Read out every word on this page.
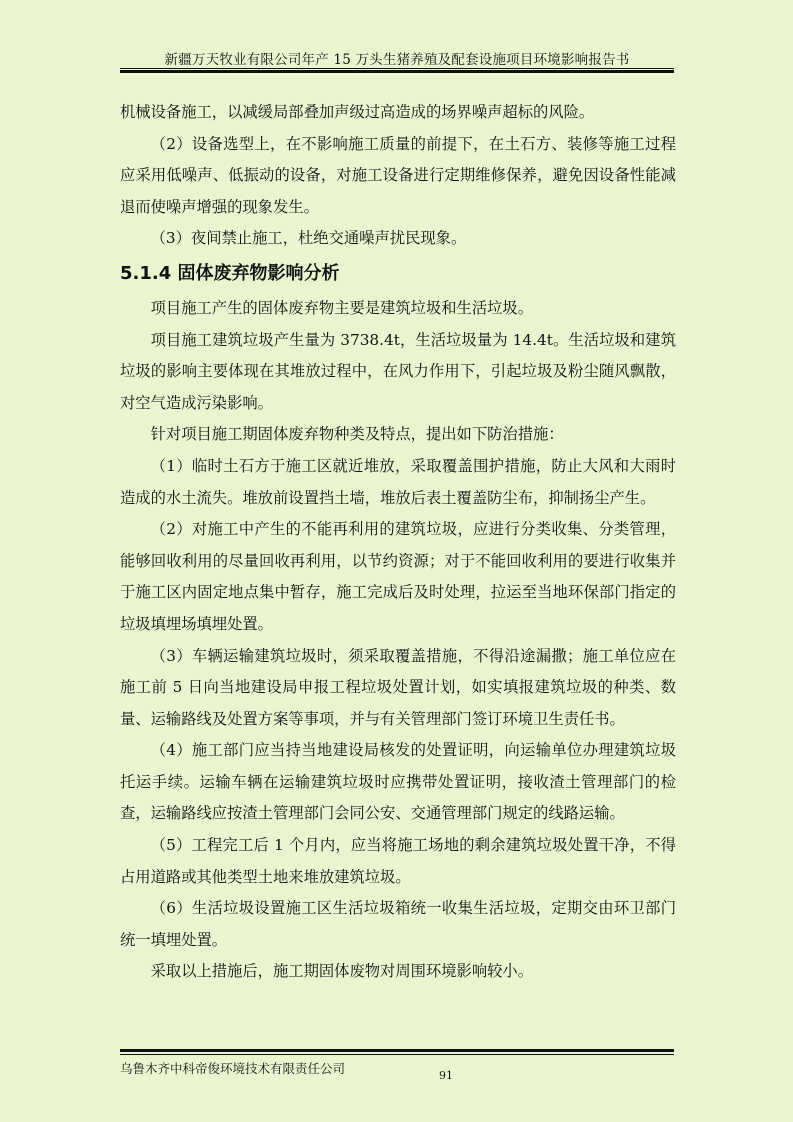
新疆万天牧业有限公司年产 15 万头生猪养殖及配套设施项目环境影响报告书

机械设备施工，以减缓局部叠加声级过高造成的场界噪声超标的风险。

（2）设备选型上，在不影响施工质量的前提下，在土石方、装修等施工过程应采用低噪声、低振动的设备，对施工设备进行定期维修保养，避免因设备性能减退而使噪声增强的现象发生。

（3）夜间禁止施工，杜绝交通噪声扰民现象。

5.1.4 固体废弃物影响分析

项目施工产生的固体废弃物主要是建筑垃圾和生活垃圾。

项目施工建筑垃圾产生量为 3738.4t，生活垃圾量为 14.4t。生活垃圾和建筑垃圾的影响主要体现在其堆放过程中，在风力作用下，引起垃圾及粉尘随风飘散，对空气造成污染影响。

针对项目施工期固体废弃物种类及特点，提出如下防治措施：

（1）临时土石方于施工区就近堆放，采取覆盖围护措施，防止大风和大雨时造成的水土流失。堆放前设置挡土墙，堆放后表土覆盖防尘布，抑制扬尘产生。

（2）对施工中产生的不能再利用的建筑垃圾，应进行分类收集、分类管理，能够回收利用的尽量回收再利用，以节约资源；对于不能回收利用的要进行收集并于施工区内固定地点集中暂存，施工完成后及时处理，拉运至当地环保部门指定的垃圾填埋场填埋处置。

（3）车辆运输建筑垃圾时，须采取覆盖措施，不得沿途漏撒；施工单位应在施工前 5 日向当地建设局申报工程垃圾处置计划，如实填报建筑垃圾的种类、数量、运输路线及处置方案等事项，并与有关管理部门签订环境卫生责任书。

（4）施工部门应当持当地建设局核发的处置证明，向运输单位办理建筑垃圾托运手续。运输车辆在运输建筑垃圾时应携带处置证明，接收渣土管理部门的检查，运输路线应按渣土管理部门会同公安、交通管理部门规定的线路运输。

（5）工程完工后 1 个月内，应当将施工场地的剩余建筑垃圾处置干净，不得占用道路或其他类型土地来堆放建筑垃圾。

（6）生活垃圾设置施工区生活垃圾箱统一收集生活垃圾，定期交由环卫部门统一填埋处置。

采取以上措施后，施工期固体废物对周围环境影响较小。

乌鲁木齐中科帝俊环境技术有限责任公司	91
